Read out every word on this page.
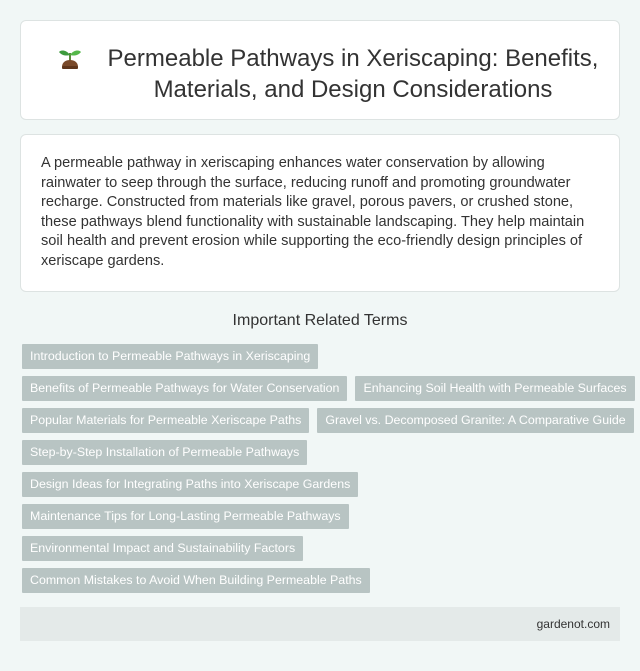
Permeable Pathways in Xeriscaping: Benefits, Materials, and Design Considerations

A permeable pathway in xeriscaping enhances water conservation by allowing rainwater to seep through the surface, reducing runoff and promoting groundwater recharge. Constructed from materials like gravel, porous pavers, or crushed stone, these pathways blend functionality with sustainable landscaping. They help maintain soil health and prevent erosion while supporting the eco-friendly design principles of xeriscape gardens.

Important Related Terms
Introduction to Permeable Pathways in Xeriscaping
Benefits of Permeable Pathways for Water Conservation	Enhancing Soil Health with Permeable Surfaces
Popular Materials for Permeable Xeriscape Paths	Gravel vs. Decomposed Granite: A Comparative Guide
Step-by-Step Installation of Permeable Pathways
Design Ideas for Integrating Paths into Xeriscape Gardens
Maintenance Tips for Long-Lasting Permeable Pathways
Environmental Impact and Sustainability Factors
Common Mistakes to Avoid When Building Permeable Paths
gardenot.com
